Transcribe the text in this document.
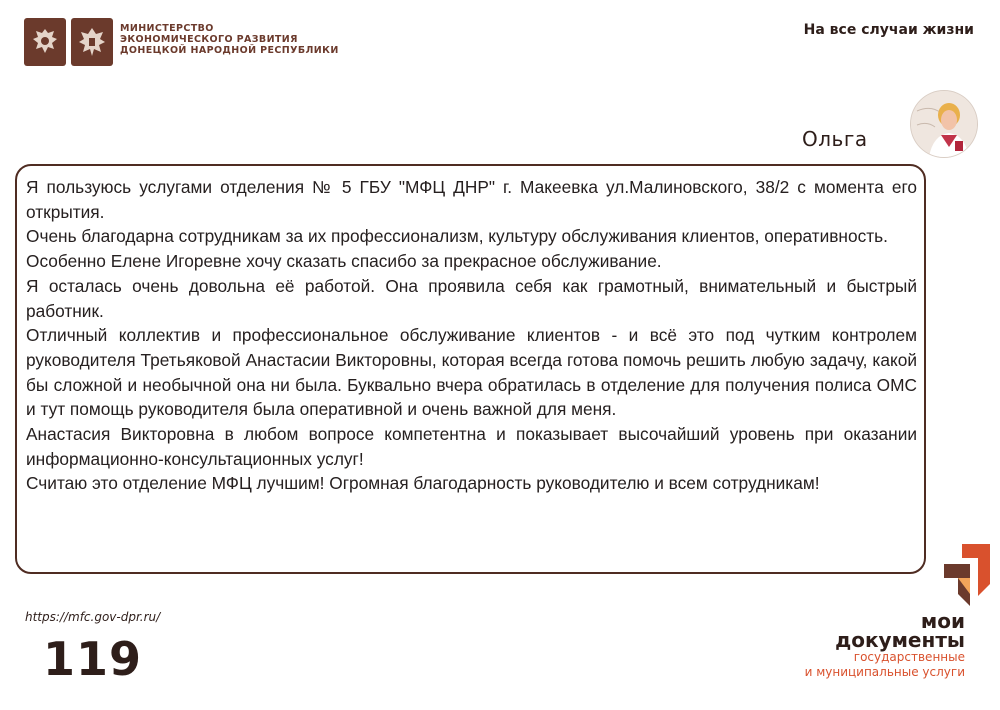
МИНИСТЕРСТВО
ЭКОНОМИЧЕСКОГО РАЗВИТИЯ
ДОНЕЦКОЙ НАРОДНОЙ РЕСПУБЛИКИ
На все случаи жизни
Ольга

Я пользуюсь услугами отделения № 5 ГБУ "МФЦ ДНР" г. Макеевка ул.Малиновского, 38/2 с момента его открытия.

Очень благодарна сотрудникам за их профессионализм, культуру обслуживания клиентов, оперативность.

Особенно Елене Игоревне хочу сказать спасибо за прекрасное обслуживание.

Я осталась очень довольна её работой. Она проявила себя как грамотный, внимательный и быстрый работник.

Отличный коллектив и профессиональное обслуживание клиентов - и всё это под чутким контролем руководителя Третьяковой Анастасии Викторовны, которая всегда готова помочь решить любую задачу, какой бы сложной и необычной она ни была. Буквально вчера обратилась в отделение для получения полиса ОМС и тут помощь руководителя была оперативной и очень важной для меня.

Анастасия Викторовна в любом вопросе компетентна и показывает высочайший уровень при оказании информационно-консультационных услуг!

Считаю это отделение МФЦ лучшим! Огромная благодарность руководителю и всем сотрудникам!

https://mfc.gov-dpr.ru/
119
мои
документы
государственные
и муниципальные услуги
